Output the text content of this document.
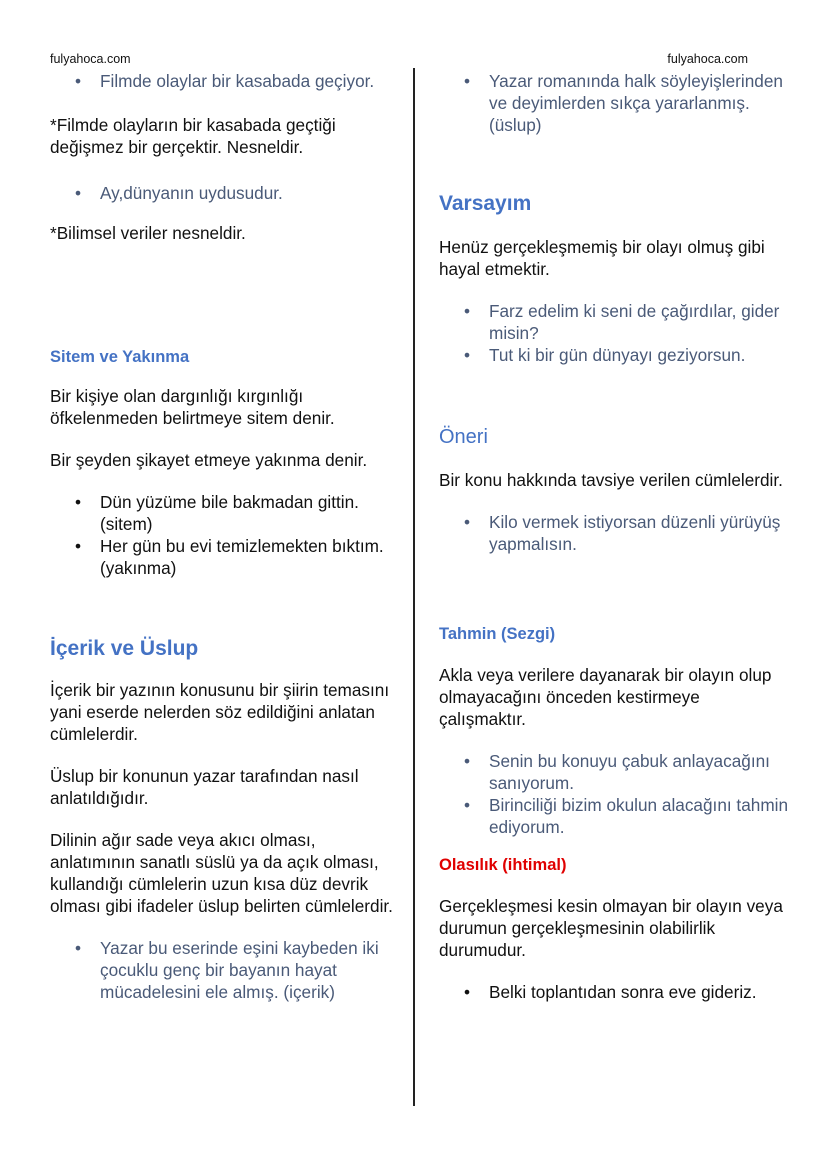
fulyahoca.com	fulyahoca.com
• Filmde olaylar bir kasabada geçiyor.

*Filmde olayların bir kasabada geçtiği değişmez bir gerçektir. Nesneldir.

• Ay,dünyanın uydusudur.

*Bilimsel veriler nesneldir.

Sitem ve Yakınma

Bir kişiye olan dargınlığı kırgınlığı öfkelenmeden belirtmeye sitem denir.

Bir şeyden şikayet etmeye yakınma denir.

• Dün yüzüme bile bakmadan gittin. (sitem)
• Her gün bu evi temizlemekten bıktım. (yakınma)
İçerik ve Üslup

İçerik bir yazının konusunu bir şiirin temasını yani eserde nelerden söz edildiğini anlatan cümlelerdir.

Üslup bir konunun yazar tarafından nasıl anlatıldığıdır.

Dilinin ağır sade veya akıcı olması, anlatımının sanatlı süslü ya da açık olması, kullandığı cümlelerin uzun kısa düz devrik olması gibi ifadeler üslup belirten cümlelerdir.

• Yazar bu eserinde eşini kaybeden iki çocuklu genç bir bayanın hayat mücadelesini ele almış. (içerik)
• Yazar romanında halk söyleyişlerinden ve deyimlerden sıkça yararlanmış. (üslup)
Varsayım

Henüz gerçekleşmemiş bir olayı olmuş gibi hayal etmektir.

• Farz edelim ki seni de çağırdılar, gider misin?
• Tut ki bir gün dünyayı geziyorsun.
Öneri

Bir konu hakkında tavsiye verilen cümlelerdir.

• Kilo vermek istiyorsan düzenli yürüyüş yapmalısın.
Tahmin (Sezgi)

Akla veya verilere dayanarak bir olayın olup olmayacağını önceden kestirmeye çalışmaktır.

• Senin bu konuyu çabuk anlayacağını sanıyorum.
• Birinciliği bizim okulun alacağını tahmin ediyorum.
Olasılık (ihtimal)

Gerçekleşmesi kesin olmayan bir olayın veya durumun gerçekleşmesinin olabilirlik durumudur.

• Belki toplantıdan sonra eve gideriz.
